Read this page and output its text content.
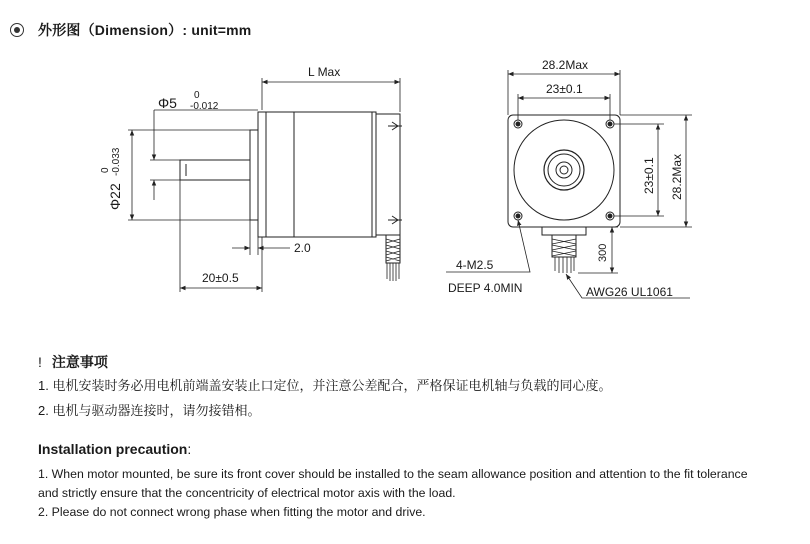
外形图（Dimension）: unit=mm
L Max
Φ5 0
-0.012
Φ22
0 -0.033
2.0
20±0.5
28.2Max
23±0.1
23±0.1 28.2Max
300
4-M2.5
DEEP 4.0MIN	AWG26 UL1061
! 注意事项
1. 电机安装时务必用电机前端盖安装止口定位，并注意公差配合，严格保证电机轴与负载的同心度。
2. 电机与驱动器连接时，请勿接错相。
Installation precaution:
1. When motor mounted, be sure its front cover should be installed to the seam allowance position and attention to the fit tolerance
and strictly ensure that the concentricity of electrical motor axis with the load.
2. Please do not connect wrong phase when fitting the motor and drive.
